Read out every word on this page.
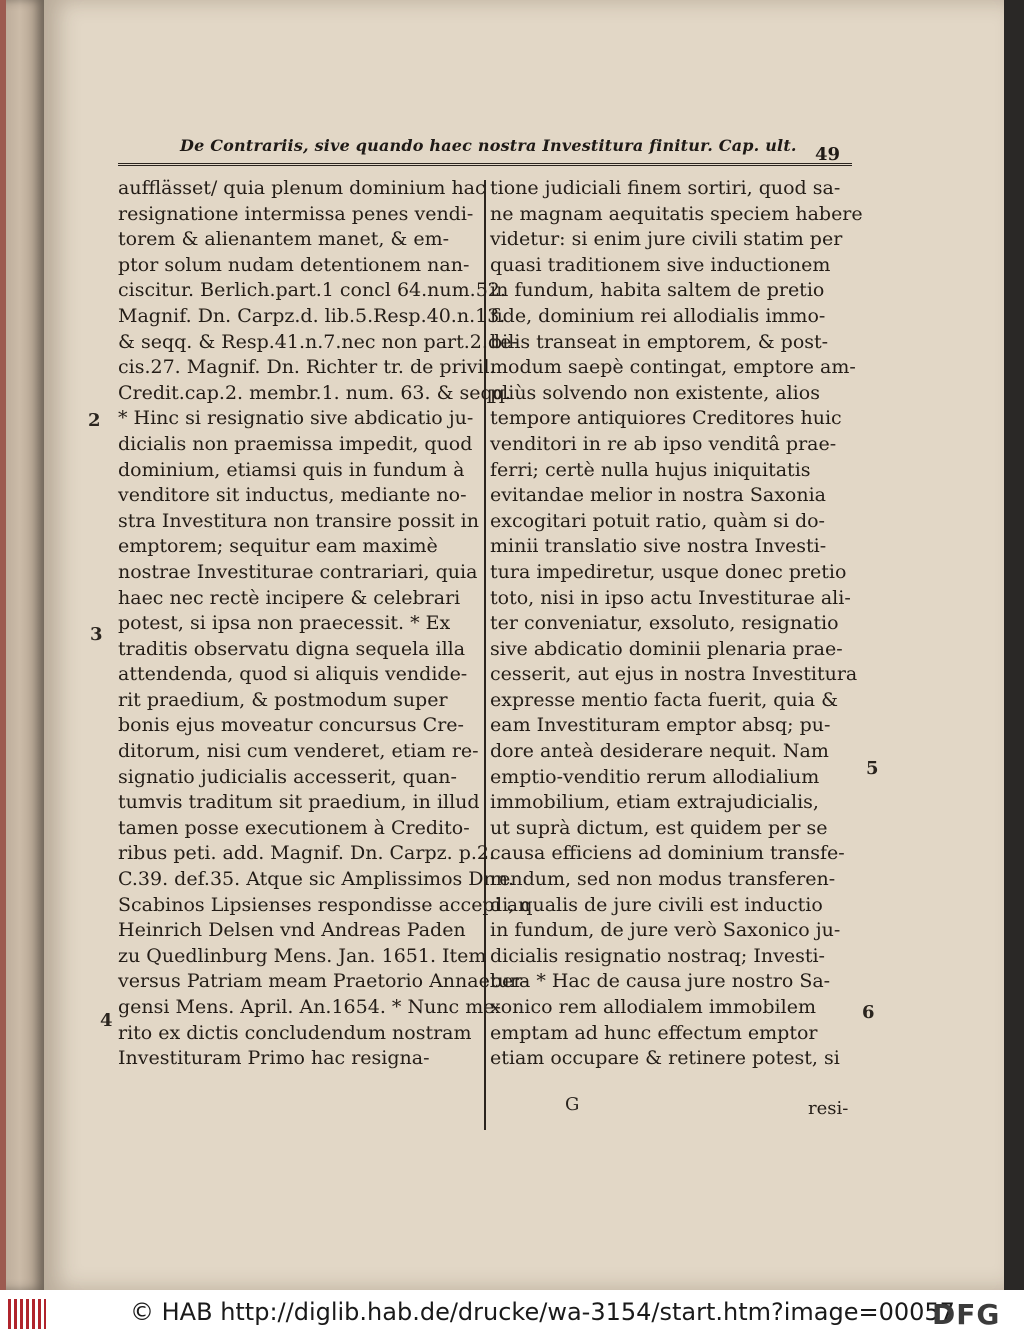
De Contrariis, sive quando haec nostra Investitura finitur. Cap. ult.	49
aufflässet/ quia plenum dominium hac
resignatione intermissa penes vendi-
torem & alienantem manet, & em-
ptor solum nudam detentionem nan-
ciscitur. Berlich.part.1 concl 64.num.52.
Magnif. Dn. Carpz.d. lib.5.Resp.40.n.13.
& seqq. & Resp.41.n.7.nec non part.2.de-
cis.27. Magnif. Dn. Richter tr. de privil.
Credit.cap.2. membr.1. num. 63. & seqq.
* Hinc si resignatio sive abdicatio ju-
dicialis non praemissa impedit, quod
dominium, etiamsi quis in fundum à
venditore sit inductus, mediante no-
stra Investitura non transire possit in
emptorem; sequitur eam maximè
nostrae Investiturae contrariari, quia
haec nec rectè incipere & celebrari
potest, si ipsa non praecessit. * Ex
traditis observatu digna sequela illa
attendenda, quod si aliquis vendide-
rit praedium, & postmodum super
bonis ejus moveatur concursus Cre-
ditorum, nisi cum venderet, etiam re-
signatio judicialis accesserit, quan-
tumvis traditum sit praedium, in illud
tamen posse executionem à Credito-
ribus peti. add. Magnif. Dn. Carpz. p.2.
C.39. def.35. Atque sic Amplissimos Dnn.
Scabinos Lipsienses respondisse accepi an
Heinrich Delsen vnd Andreas Paden
zu Quedlinburg Mens. Jan. 1651. Item
versus Patriam meam Praetorio Annaeber-
gensi Mens. April. An.1654. * Nunc me-
rito ex dictis concludendum nostram
Investituram Primo hac resigna-
tione judiciali finem sortiri, quod sa-
ne magnam aequitatis speciem habere
videtur: si enim jure civili statim per
quasi traditionem sive inductionem
in fundum, habita saltem de pretio
fide, dominium rei allodialis immo-
bilis transeat in emptorem, & post-
modum saepè contingat, emptore am-
pliùs solvendo non existente, alios
tempore antiquiores Creditores huic
venditori in re ab ipso venditâ prae-
ferri; certè nulla hujus iniquitatis
evitandae melior in nostra Saxonia
excogitari potuit ratio, quàm si do-
minii translatio sive nostra Investi-
tura impediretur, usque donec pretio
toto, nisi in ipso actu Investiturae ali-
ter conveniatur, exsoluto, resignatio
sive abdicatio dominii plenaria prae-
cesserit, aut ejus in nostra Investitura
expresse mentio facta fuerit, quia &
eam Investituram emptor absq; pu-
dore anteà desiderare nequit. Nam
emptio-venditio rerum allodialium
immobilium, etiam extrajudicialis,
ut suprà dictum, est quidem per se
causa efficiens ad dominium transfe-
rendum, sed non modus transferen-
di, qualis de jure civili est inductio
in fundum, de jure verò Saxonico ju-
dicialis resignatio nostraq; Investi-
tura * Hac de causa jure nostro Sa-
xonico rem allodialem immobilem
emptam ad hunc effectum emptor
etiam occupare & retinere potest, si
2
3
4
5
6
G	resi-
© HAB http://diglib.hab.de/drucke/wa-3154/start.htm?image=00057
DFG
